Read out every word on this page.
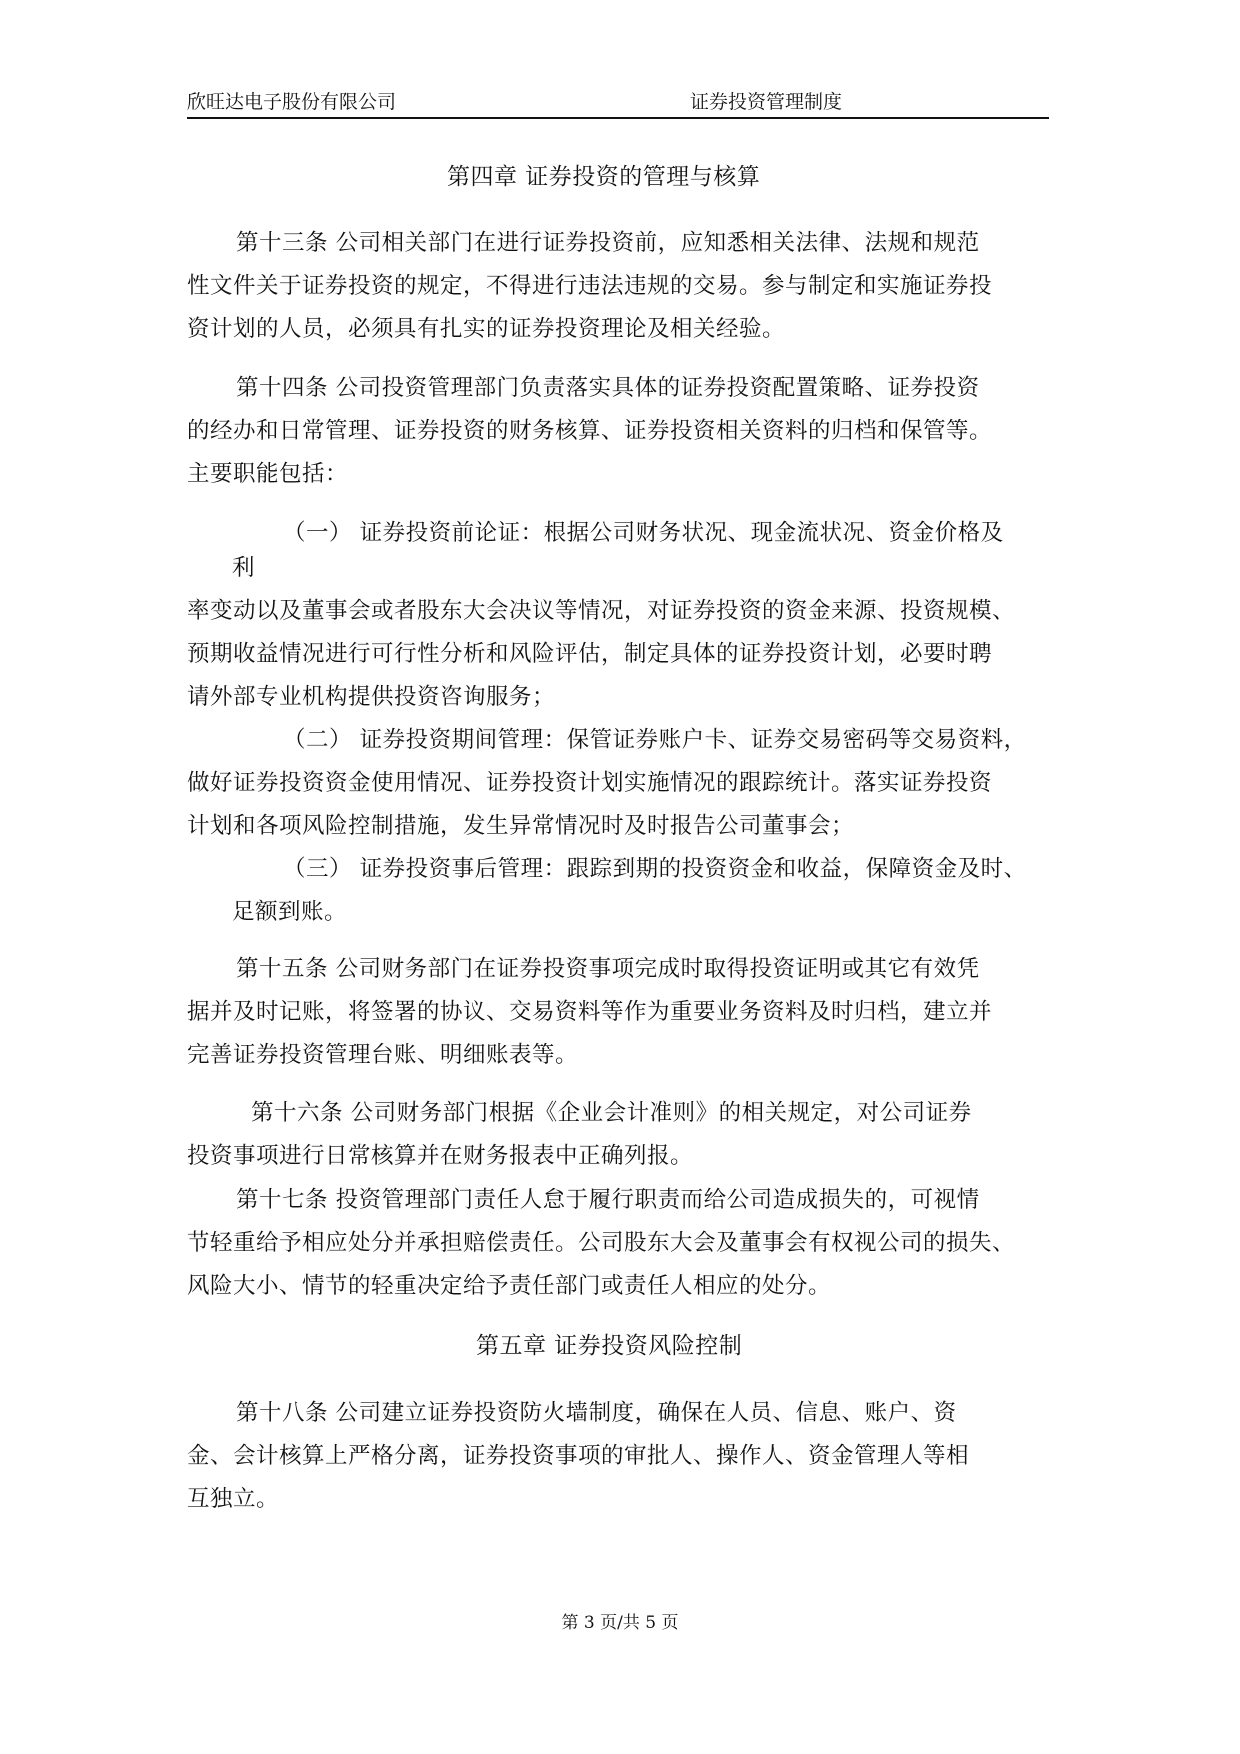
欣旺达电子股份有限公司	证券投资管理制度
第四章 证券投资的管理与核算
第十三条 公司相关部门在进行证券投资前，应知悉相关法律、法规和规范
性文件关于证券投资的规定，不得进行违法违规的交易。参与制定和实施证券投
资计划的人员，必须具有扎实的证券投资理论及相关经验。
第十四条 公司投资管理部门负责落实具体的证券投资配置策略、证券投资
的经办和日常管理、证券投资的财务核算、证券投资相关资料的归档和保管等。
主要职能包括：
（一） 证券投资前论证：根据公司财务状况、现金流状况、资金价格及
利
率变动以及董事会或者股东大会决议等情况，对证券投资的资金来源、投资规模、
预期收益情况进行可行性分析和风险评估，制定具体的证券投资计划，必要时聘
请外部专业机构提供投资咨询服务；
（二） 证券投资期间管理：保管证券账户卡、证券交易密码等交易资料，
做好证券投资资金使用情况、证券投资计划实施情况的跟踪统计。落实证券投资
计划和各项风险控制措施，发生异常情况时及时报告公司董事会；
（三） 证券投资事后管理：跟踪到期的投资资金和收益，保障资金及时、
足额到账。
第十五条 公司财务部门在证券投资事项完成时取得投资证明或其它有效凭
据并及时记账，将签署的协议、交易资料等作为重要业务资料及时归档，建立并
完善证券投资管理台账、明细账表等。
第十六条 公司财务部门根据《企业会计准则》的相关规定，对公司证券
投资事项进行日常核算并在财务报表中正确列报。
第十七条 投资管理部门责任人怠于履行职责而给公司造成损失的，可视情
节轻重给予相应处分并承担赔偿责任。公司股东大会及董事会有权视公司的损失、
风险大小、情节的轻重决定给予责任部门或责任人相应的处分。
第五章 证券投资风险控制
第十八条 公司建立证券投资防火墙制度，确保在人员、信息、账户、资
金、会计核算上严格分离，证券投资事项的审批人、操作人、资金管理人等相
互独立。
第 3 页/共 5 页
